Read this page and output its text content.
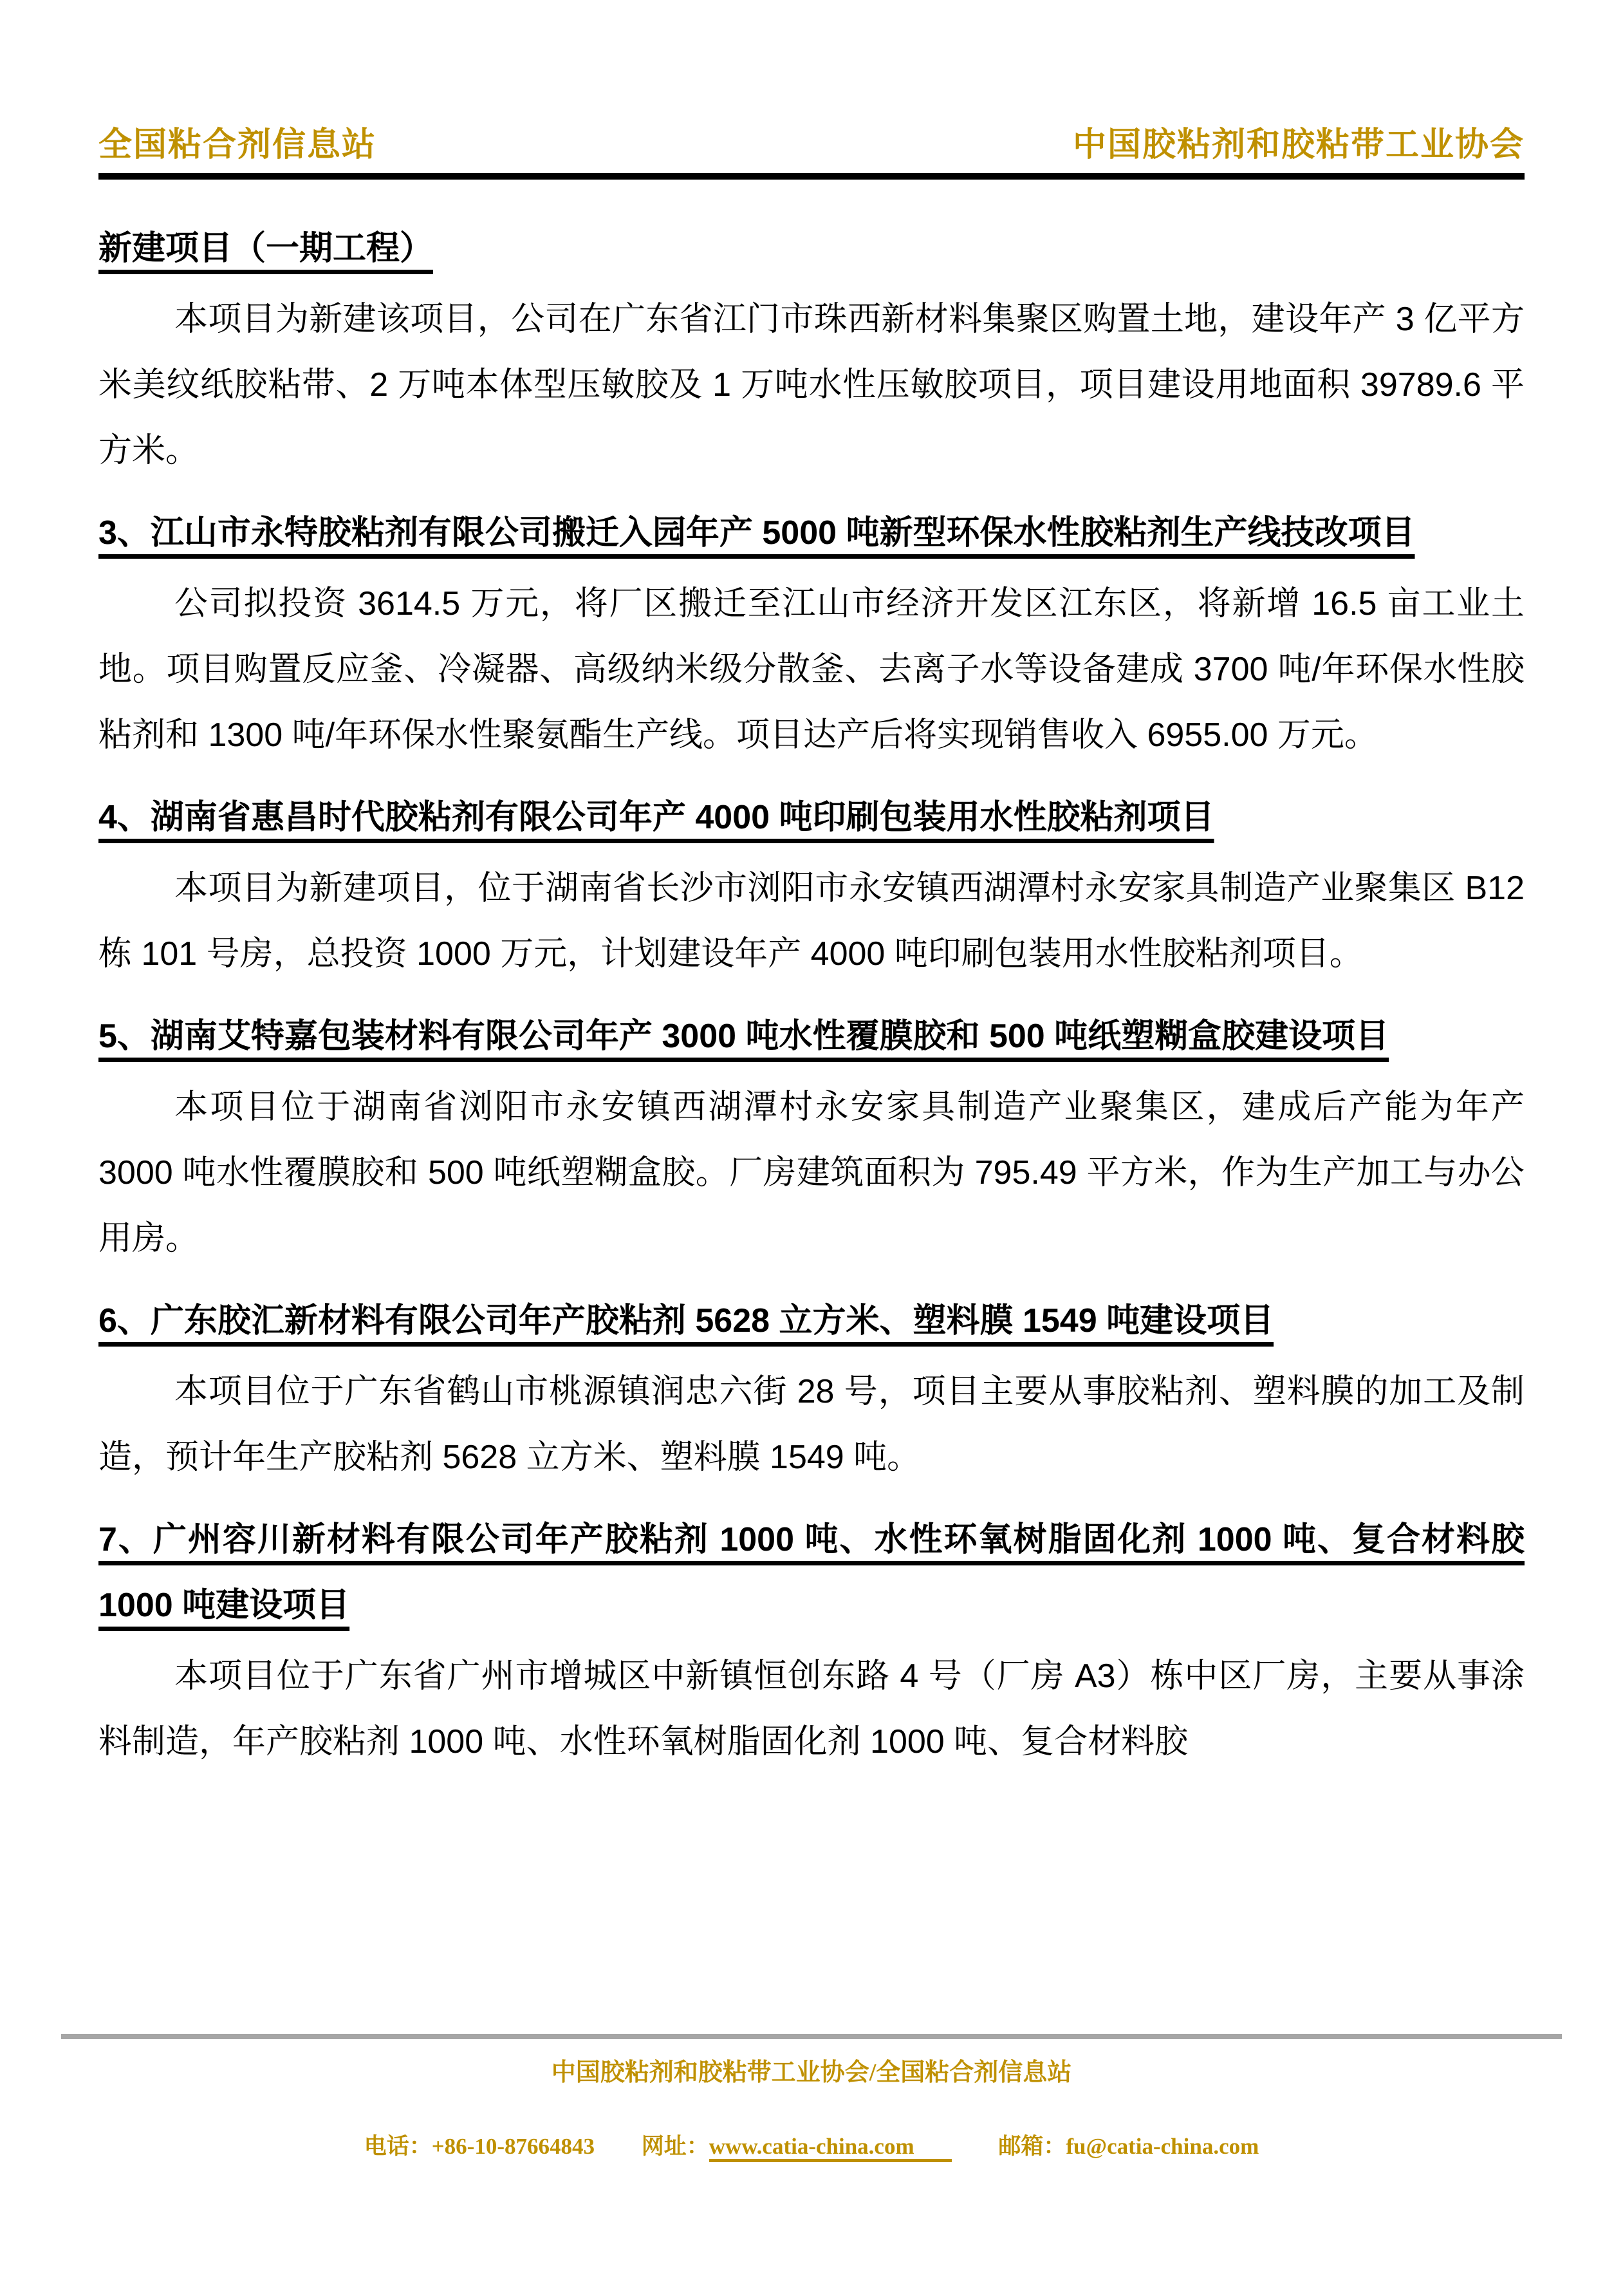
全国粘合剂信息站	中国胶粘剂和胶粘带工业协会
新建项目（一期工程）

本项目为新建该项目，公司在广东省江门市珠西新材料集聚区购置土地，建设年产 3 亿平方米美纹纸胶粘带、2 万吨本体型压敏胶及 1 万吨水性压敏胶项目，项目建设用地面积 39789.6 平方米。

3、江山市永特胶粘剂有限公司搬迁入园年产 5000 吨新型环保水性胶粘剂生产线技改项目

公司拟投资 3614.5 万元，将厂区搬迁至江山市经济开发区江东区，将新增 16.5 亩工业土地。项目购置反应釜、冷凝器、高级纳米级分散釜、去离子水等设备建成 3700 吨/年环保水性胶粘剂和 1300 吨/年环保水性聚氨酯生产线。项目达产后将实现销售收入 6955.00 万元。

4、湖南省惠昌时代胶粘剂有限公司年产 4000 吨印刷包装用水性胶粘剂项目

本项目为新建项目，位于湖南省长沙市浏阳市永安镇西湖潭村永安家具制造产业聚集区 B12 栋 101 号房，总投资 1000 万元，计划建设年产 4000 吨印刷包装用水性胶粘剂项目。

5、湖南艾特嘉包装材料有限公司年产 3000 吨水性覆膜胶和 500 吨纸塑糊盒胶建设项目

本项目位于湖南省浏阳市永安镇西湖潭村永安家具制造产业聚集区，建成后产能为年产 3000 吨水性覆膜胶和 500 吨纸塑糊盒胶。厂房建筑面积为 795.49 平方米，作为生产加工与办公用房。

6、广东胶汇新材料有限公司年产胶粘剂 5628 立方米、塑料膜 1549 吨建设项目

本项目位于广东省鹤山市桃源镇润忠六街 28 号，项目主要从事胶粘剂、塑料膜的加工及制造，预计年生产胶粘剂 5628 立方米、塑料膜 1549 吨。

7、广州容川新材料有限公司年产胶粘剂 1000 吨、水性环氧树脂固化剂 1000 吨、复合材料胶 1000 吨建设项目

本项目位于广东省广州市增城区中新镇恒创东路 4 号（厂房 A3）栋中区厂房，主要从事涂料制造，年产胶粘剂 1000 吨、水性环氧树脂固化剂 1000 吨、复合材料胶

中国胶粘剂和胶粘带工业协会/全国粘合剂信息站
电话：+86-10-87664843 网址：www.catia-china.com	邮箱：fu@catia-china.com
